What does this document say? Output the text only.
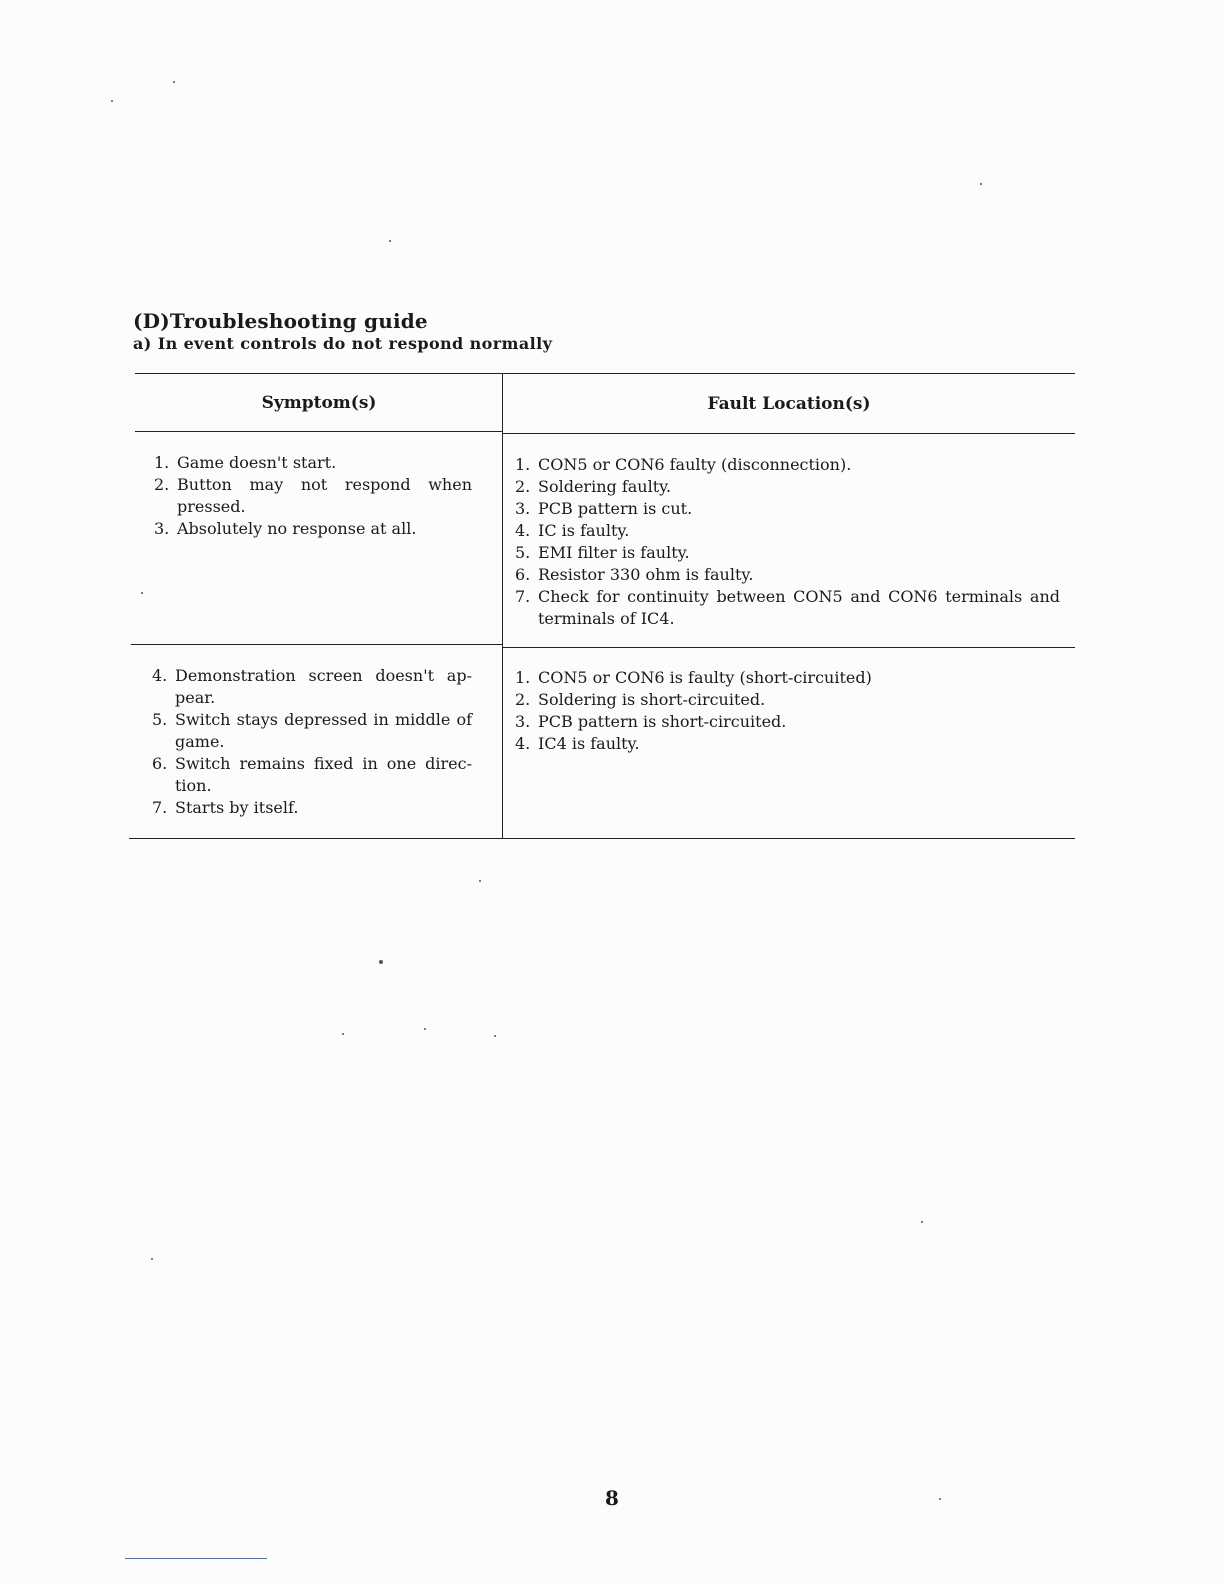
(D)Troubleshooting guide
a) In event controls do not respond normally
Symptom(s)	Fault Location(s)
1. Game doesn't start.
2. Button may not respond when pressed.
3. Absolutely no response at all.
1. CON5 or CON6 faulty (disconnection).
2. Soldering faulty.
3. PCB pattern is cut.
4. IC is faulty.
5. EMI filter is faulty.
6. Resistor 330 ohm is faulty.
7. Check for continuity between CON5 and CON6 terminals and terminals of IC4.
4. Demonstration screen doesn't ap- pear.
5. Switch stays depressed in middle of game.
6. Switch remains fixed in one direc- tion.
7. Starts by itself.
1. CON5 or CON6 is faulty (short-circuited)
2. Soldering is short-circuited.
3. PCB pattern is short-circuited.
4. IC4 is faulty.
8
